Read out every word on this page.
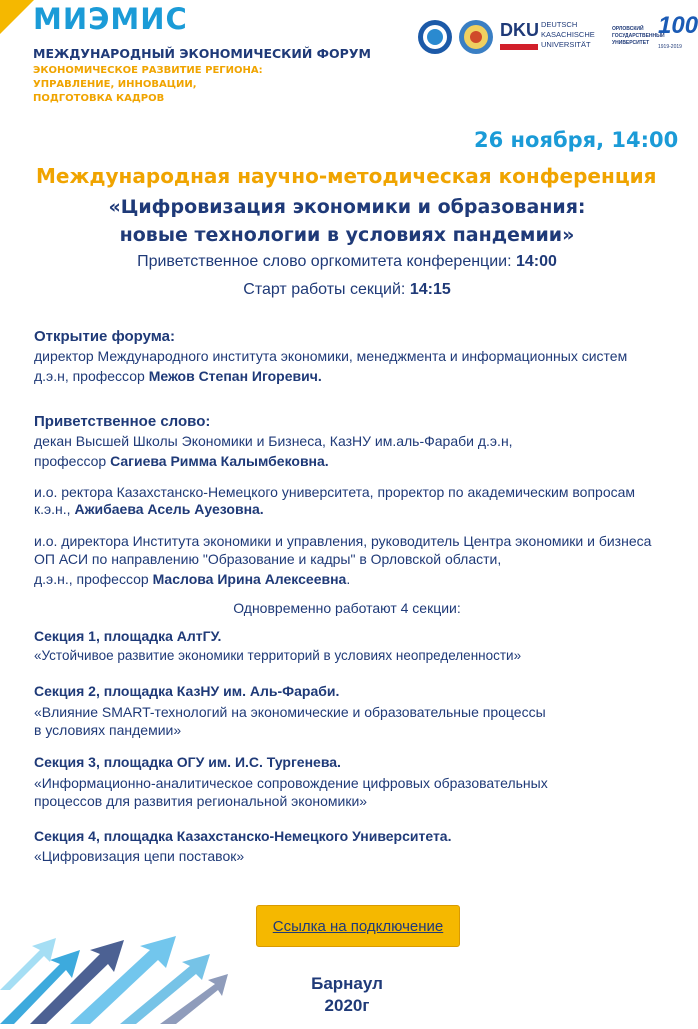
МИЭМИС
МЕЖДУНАРОДНЫЙ ЭКОНОМИЧЕСКИЙ ФОРУМ
ЭКОНОМИЧЕСКОЕ РАЗВИТИЕ РЕГИОНА:
УПРАВЛЕНИЕ, ИННОВАЦИИ,
ПОДГОТОВКА КАДРОВ
DKU DEUTSCH
KASACHISCHE
UNIVERSITÄT
ОРЛОВСКИЙ
ГОСУДАРСТВЕННЫЙ
УНИВЕРСИТЕТ
100
1919-2019
26 ноября, 14:00
Международная научно-методическая конференция
«Цифровизация экономики и образования:
новые технологии в условиях пандемии»
Приветственное слово оргкомитета конференции: 14:00
Старт работы секций: 14:15
Открытие форума:
директор Международного института экономики, менеджмента и информационных систем
д.э.н, профессор Межов Степан Игоревич.
Приветственное слово:
декан Высшей Школы Экономики и Бизнеса, КазНУ им.аль-Фараби д.э.н,
профессор Сагиева Римма Калымбековна.
и.о. ректора Казахстанско-Немецкого университета, проректор по академическим вопросам
к.э.н., Ажибаева Асель Ауезовна.
и.о. директора Института экономики и управления, руководитель Центра экономики и бизнеса
ОП АСИ по направлению "Образование и кадры" в Орловской области,
д.э.н., профессор Маслова Ирина Алексеевна.
Одновременно работают 4 секции:
Секция 1, площадка АлтГУ.
«Устойчивое развитие экономики территорий в условиях неопределенности»
Секция 2, площадка КазНУ им. Аль-Фараби.
«Влияние SMART-технологий на экономические и образовательные процессы
в условиях пандемии»
Секция 3, площадка ОГУ им. И.С. Тургенева.
«Информационно-аналитическое сопровождение цифровых образовательных
процессов для развития региональной экономики»
Секция 4, площадка Казахстанско-Немецкого Университета.
«Цифровизация цепи поставок»
Ссылка на подключение
Барнаул
2020г
